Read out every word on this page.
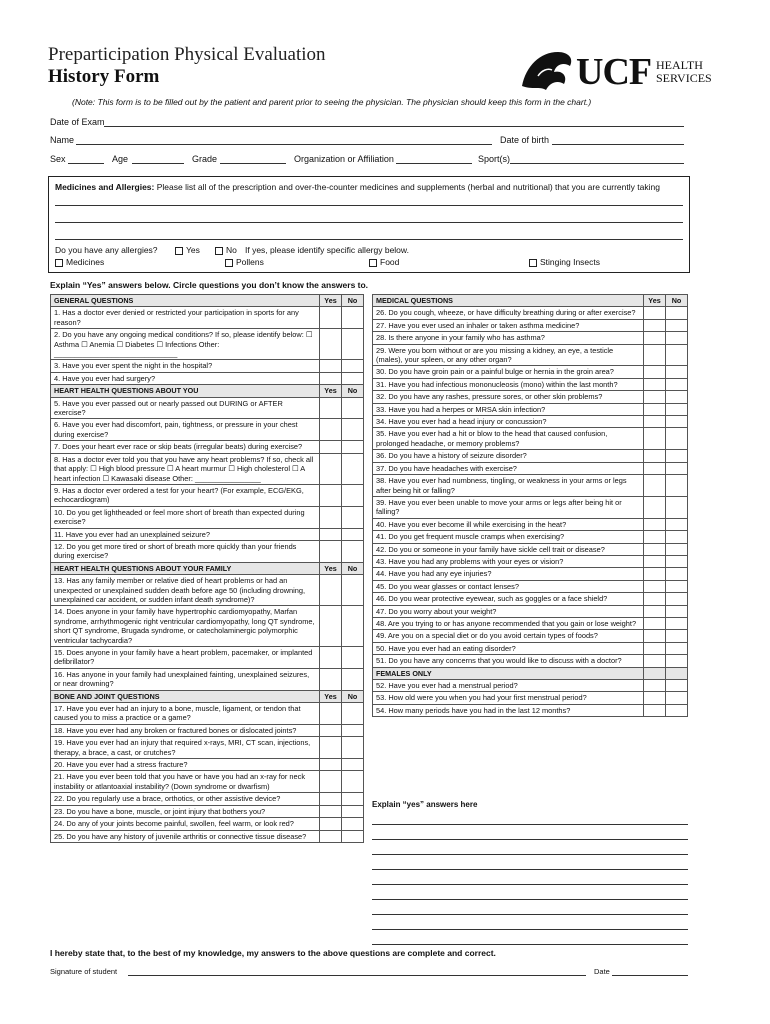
Preparticipation Physical Evaluation
History Form	UCF HEALTH
SERVICES
(Note: This form is to be filled out by the patient and parent prior to seeing the physician. The physician should keep this form in the chart.)
Date of Exam
Name	Date of birth
Sex	Age	Grade	Organization or Affiliation	Sport(s)
Medicines and Allergies: Please list all of the prescription and over-the-counter medicines and supplements (herbal and nutritional) that you are currently taking
Do you have any allergies?	Yes	No If yes, please identify specific allergy below.
Medicines	Pollens	Food	Stinging Insects
Explain “Yes” answers below. Circle questions you don’t know the answers to.
GENERAL QUESTIONS	Yes	No
1. Has a doctor ever denied or restricted your participation in sports for any reason?		
2. Do you have any ongoing medical conditions? If so, please identify below: ☐ Asthma ☐ Anemia ☐ Diabetes ☐ Infections Other: ______________________________		
3. Have you ever spent the night in the hospital?		
4. Have you ever had surgery?		
HEART HEALTH QUESTIONS ABOUT YOU	Yes	No
5. Have you ever passed out or nearly passed out DURING or AFTER exercise?		
6. Have you ever had discomfort, pain, tightness, or pressure in your chest during exercise?		
7. Does your heart ever race or skip beats (irregular beats) during exercise?		
8. Has a doctor ever told you that you have any heart problems? If so, check all that apply: ☐ High blood pressure ☐ A heart murmur ☐ High cholesterol ☐ A heart infection ☐ Kawasaki disease Other: ________________		
9. Has a doctor ever ordered a test for your heart? (For example, ECG/EKG, echocardiogram)		
10. Do you get lightheaded or feel more short of breath than expected during exercise?		
11. Have you ever had an unexplained seizure?		
12. Do you get more tired or short of breath more quickly than your friends during exercise?		
HEART HEALTH QUESTIONS ABOUT YOUR FAMILY	Yes	No
13. Has any family member or relative died of heart problems or had an unexpected or unexplained sudden death before age 50 (including drowning, unexplained car accident, or sudden infant death syndrome)?		
14. Does anyone in your family have hypertrophic cardiomyopathy, Marfan syndrome, arrhythmogenic right ventricular cardiomyopathy, long QT syndrome, short QT syndrome, Brugada syndrome, or catecholaminergic polymorphic ventricular tachycardia?		
15. Does anyone in your family have a heart problem, pacemaker, or implanted defibrillator?		
16. Has anyone in your family had unexplained fainting, unexplained seizures, or near drowning?		
BONE AND JOINT QUESTIONS	Yes	No
17. Have you ever had an injury to a bone, muscle, ligament, or tendon that caused you to miss a practice or a game?		
18. Have you ever had any broken or fractured bones or dislocated joints?		
19. Have you ever had an injury that required x-rays, MRI, CT scan, injections, therapy, a brace, a cast, or crutches?		
20. Have you ever had a stress fracture?		
21. Have you ever been told that you have or have you had an x-ray for neck instability or atlantoaxial instability? (Down syndrome or dwarfism)		
22. Do you regularly use a brace, orthotics, or other assistive device?		
23. Do you have a bone, muscle, or joint injury that bothers you?		
24. Do any of your joints become painful, swollen, feel warm, or look red?		
25. Do you have any history of juvenile arthritis or connective tissue disease?		
MEDICAL QUESTIONS	Yes	No
26. Do you cough, wheeze, or have difficulty breathing during or after exercise?		
27. Have you ever used an inhaler or taken asthma medicine?		
28. Is there anyone in your family who has asthma?		
29. Were you born without or are you missing a kidney, an eye, a testicle (males), your spleen, or any other organ?		
30. Do you have groin pain or a painful bulge or hernia in the groin area?		
31. Have you had infectious mononucleosis (mono) within the last month?		
32. Do you have any rashes, pressure sores, or other skin problems?		
33. Have you had a herpes or MRSA skin infection?		
34. Have you ever had a head injury or concussion?		
35. Have you ever had a hit or blow to the head that caused confusion, prolonged headache, or memory problems?		
36. Do you have a history of seizure disorder?		
37. Do you have headaches with exercise?		
38. Have you ever had numbness, tingling, or weakness in your arms or legs after being hit or falling?		
39. Have you ever been unable to move your arms or legs after being hit or falling?		
40. Have you ever become ill while exercising in the heat?		
41. Do you get frequent muscle cramps when exercising?		
42. Do you or someone in your family have sickle cell trait or disease?		
43. Have you had any problems with your eyes or vision?		
44. Have you had any eye injuries?		
45. Do you wear glasses or contact lenses?		
46. Do you wear protective eyewear, such as goggles or a face shield?		
47. Do you worry about your weight?		
48. Are you trying to or has anyone recommended that you gain or lose weight?		
49. Are you on a special diet or do you avoid certain types of foods?		
50. Have you ever had an eating disorder?		
51. Do you have any concerns that you would like to discuss with a doctor?		
FEMALES ONLY		
52. Have you ever had a menstrual period?		
53. How old were you when you had your first menstrual period?		
54. How many periods have you had in the last 12 months?		
Explain “yes” answers here
I hereby state that, to the best of my knowledge, my answers to the above questions are complete and correct.
Signature of student	Date
